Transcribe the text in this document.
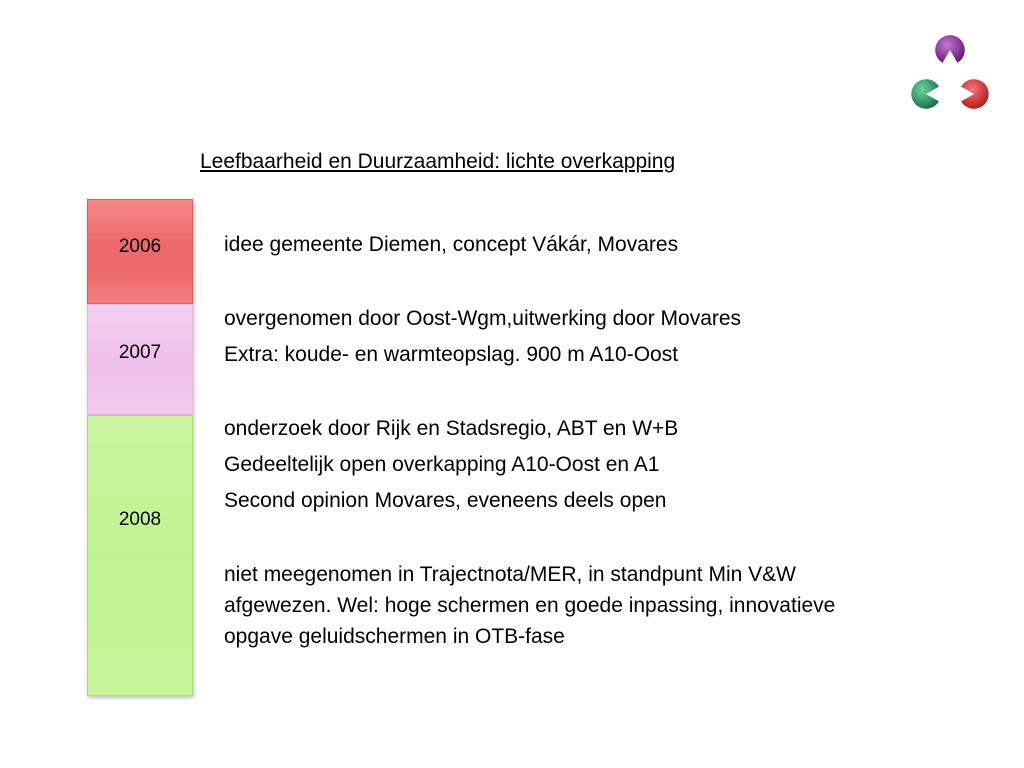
Leefbaarheid en Duurzaamheid: lichte overkapping
2006
2007
2008
idee gemeente Diemen, concept Vákár, Movares
overgenomen door Oost-Wgm,uitwerking door Movares
Extra: koude- en warmteopslag. 900 m A10-Oost
onderzoek door Rijk en Stadsregio, ABT en W+B
Gedeeltelijk open overkapping A10-Oost en A1
Second opinion Movares, eveneens deels open
niet meegenomen in Trajectnota/MER, in standpunt Min V&W
afgewezen. Wel: hoge schermen en goede inpassing, innovatieve
opgave geluidschermen in OTB-fase
